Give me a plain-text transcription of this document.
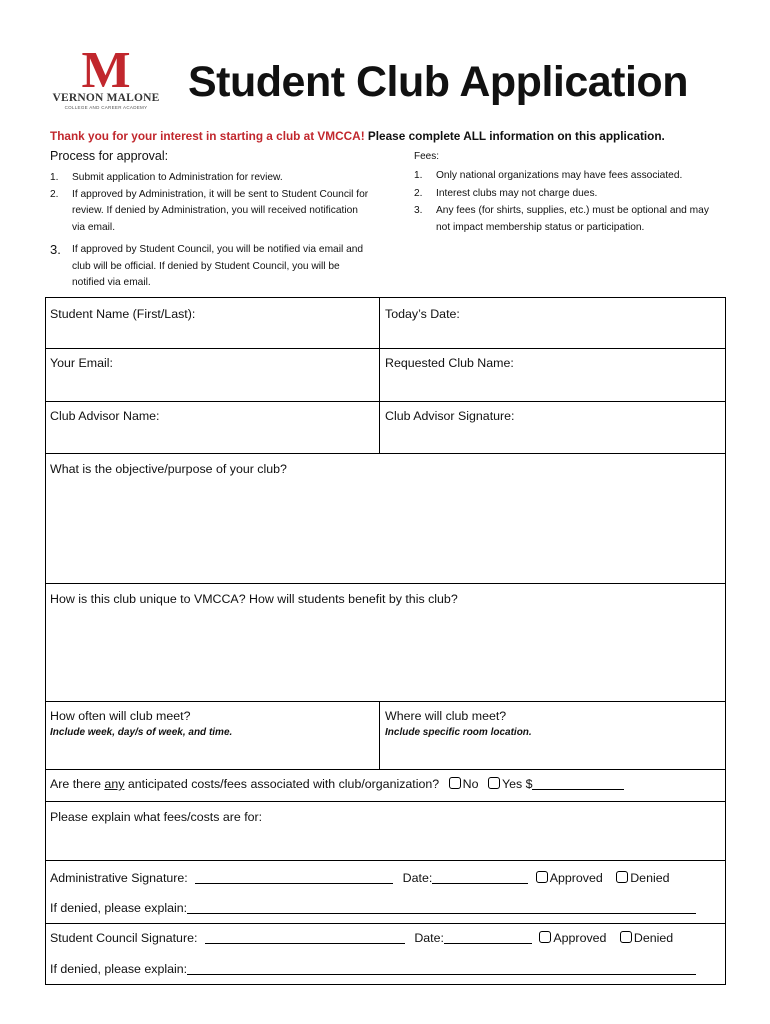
M
VERNON MALONE
COLLEGE AND CAREER ACADEMY
Student Club Application
Thank you for your interest in starting a club at VMCCA! Please complete ALL information on this application.
Process for approval:
1. Submit application to Administration for review.
2. If approved by Administration, it will be sent to Student Council for review. If denied by Administration, you will received notification via email.
3. If approved by Student Council, you will be notified via email and club will be official. If denied by Student Council, you will be notified via email.
Fees:
1. Only national organizations may have fees associated.
2. Interest clubs may not charge dues.
3. Any fees (for shirts, supplies, etc.) must be optional and may not impact membership status or participation.
Student Name (First/Last):	Today’s Date:
Your Email:	Requested Club Name:
Club Advisor Name:	Club Advisor Signature:
What is the objective/purpose of your club?
How is this club unique to VMCCA? How will students benefit by this club?
How often will club meet?
Include week, day/s of week, and time.
Where will club meet?
Include specific room location.
Are there any anticipated costs/fees associated with club/organization? No Yes $
Please explain what fees/costs are for:
Administrative Signature:	Date:	Approved Denied
If denied, please explain:
Student Council Signature:	Date:	Approved Denied
If denied, please explain:
